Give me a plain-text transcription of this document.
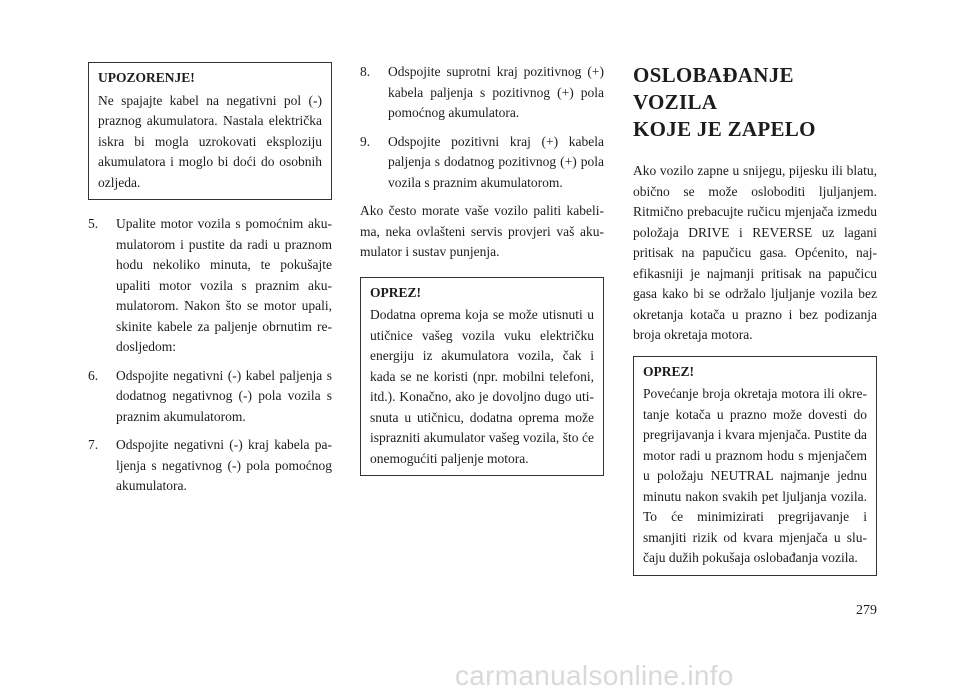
UPOZORENJE!

Ne spajajte kabel na negativni pol (-) praznog akumulatora. Nastala električka iskra bi mogla uzrokovati eksploziju akumulatora i moglo bi doći do osobnih ozljeda.

5.	Upalite motor vozila s pomoćnim akumulatorom i pustite da radi u praznom hodu nekoliko minuta, te pokušajte upaliti motor vozila s praznim akumulatorom. Nakon što se motor upali, skinite kabele za paljenje obrnutim redosljedom:
6.	Odspojite negativni (-) kabel paljenja s dodatnog negativnog (-) pola vozila s praznim akumulatorom.
7.	Odspojite negativni (-) kraj kabela paljenja s negativnog (-) pola pomoćnog akumulatora.
8.	Odspojite suprotni kraj pozitivnog (+) kabela paljenja s pozitivnog (+) pola pomoćnog akumulatora.
9.	Odspojite pozitivni kraj (+) kabela paljenja s dodatnog pozitivnog (+) pola vozila s praznim akumulatorom.

Ako često morate vaše vozilo paliti kabelima, neka ovlašteni servis provjeri vaš akumulator i sustav punjenja.

OPREZ!

Dodatna oprema koja se može utisnuti u utičnice vašeg vozila vuku električku energiju iz akumulatora vozila, čak i kada se ne koristi (npr. mobilni telefoni, itd.). Konačno, ako je dovoljno dugo utisnuta u utičnicu, dodatna oprema može isprazniti akumulator vašeg vozila, što će onemogućiti paljenje motora.

OSLOBAĐANJE VOZILA
KOJE JE ZAPELO

Ako vozilo zapne u snijegu, pijesku ili blatu, obično se može osloboditi ljuljanjem. Ritmično prebacujte ručicu mjenjača izmedu položaja DRIVE i REVERSE uz lagani pritisak na papučicu gasa. Općenito, najefikasniji je najmanji pritisak na papučicu gasa kako bi se održalo ljuljanje vozila bez okretanja kotača u prazno i bez podizanja broja okretaja motora.

OPREZ!

Povećanje broja okretaja motora ili okretanje kotača u prazno može dovesti do pregrijavanja i kvara mjenjača. Pustite da motor radi u praznom hodu s mjenjačem u položaju NEUTRAL najmanje jednu minutu nakon svakih pet ljuljanja vozila. To će minimizirati pregrijavanje i smanjiti rizik od kvara mjenjača u slučaju dužih pokušaja oslobađanja vozila.

279
carmanualsonline.info
